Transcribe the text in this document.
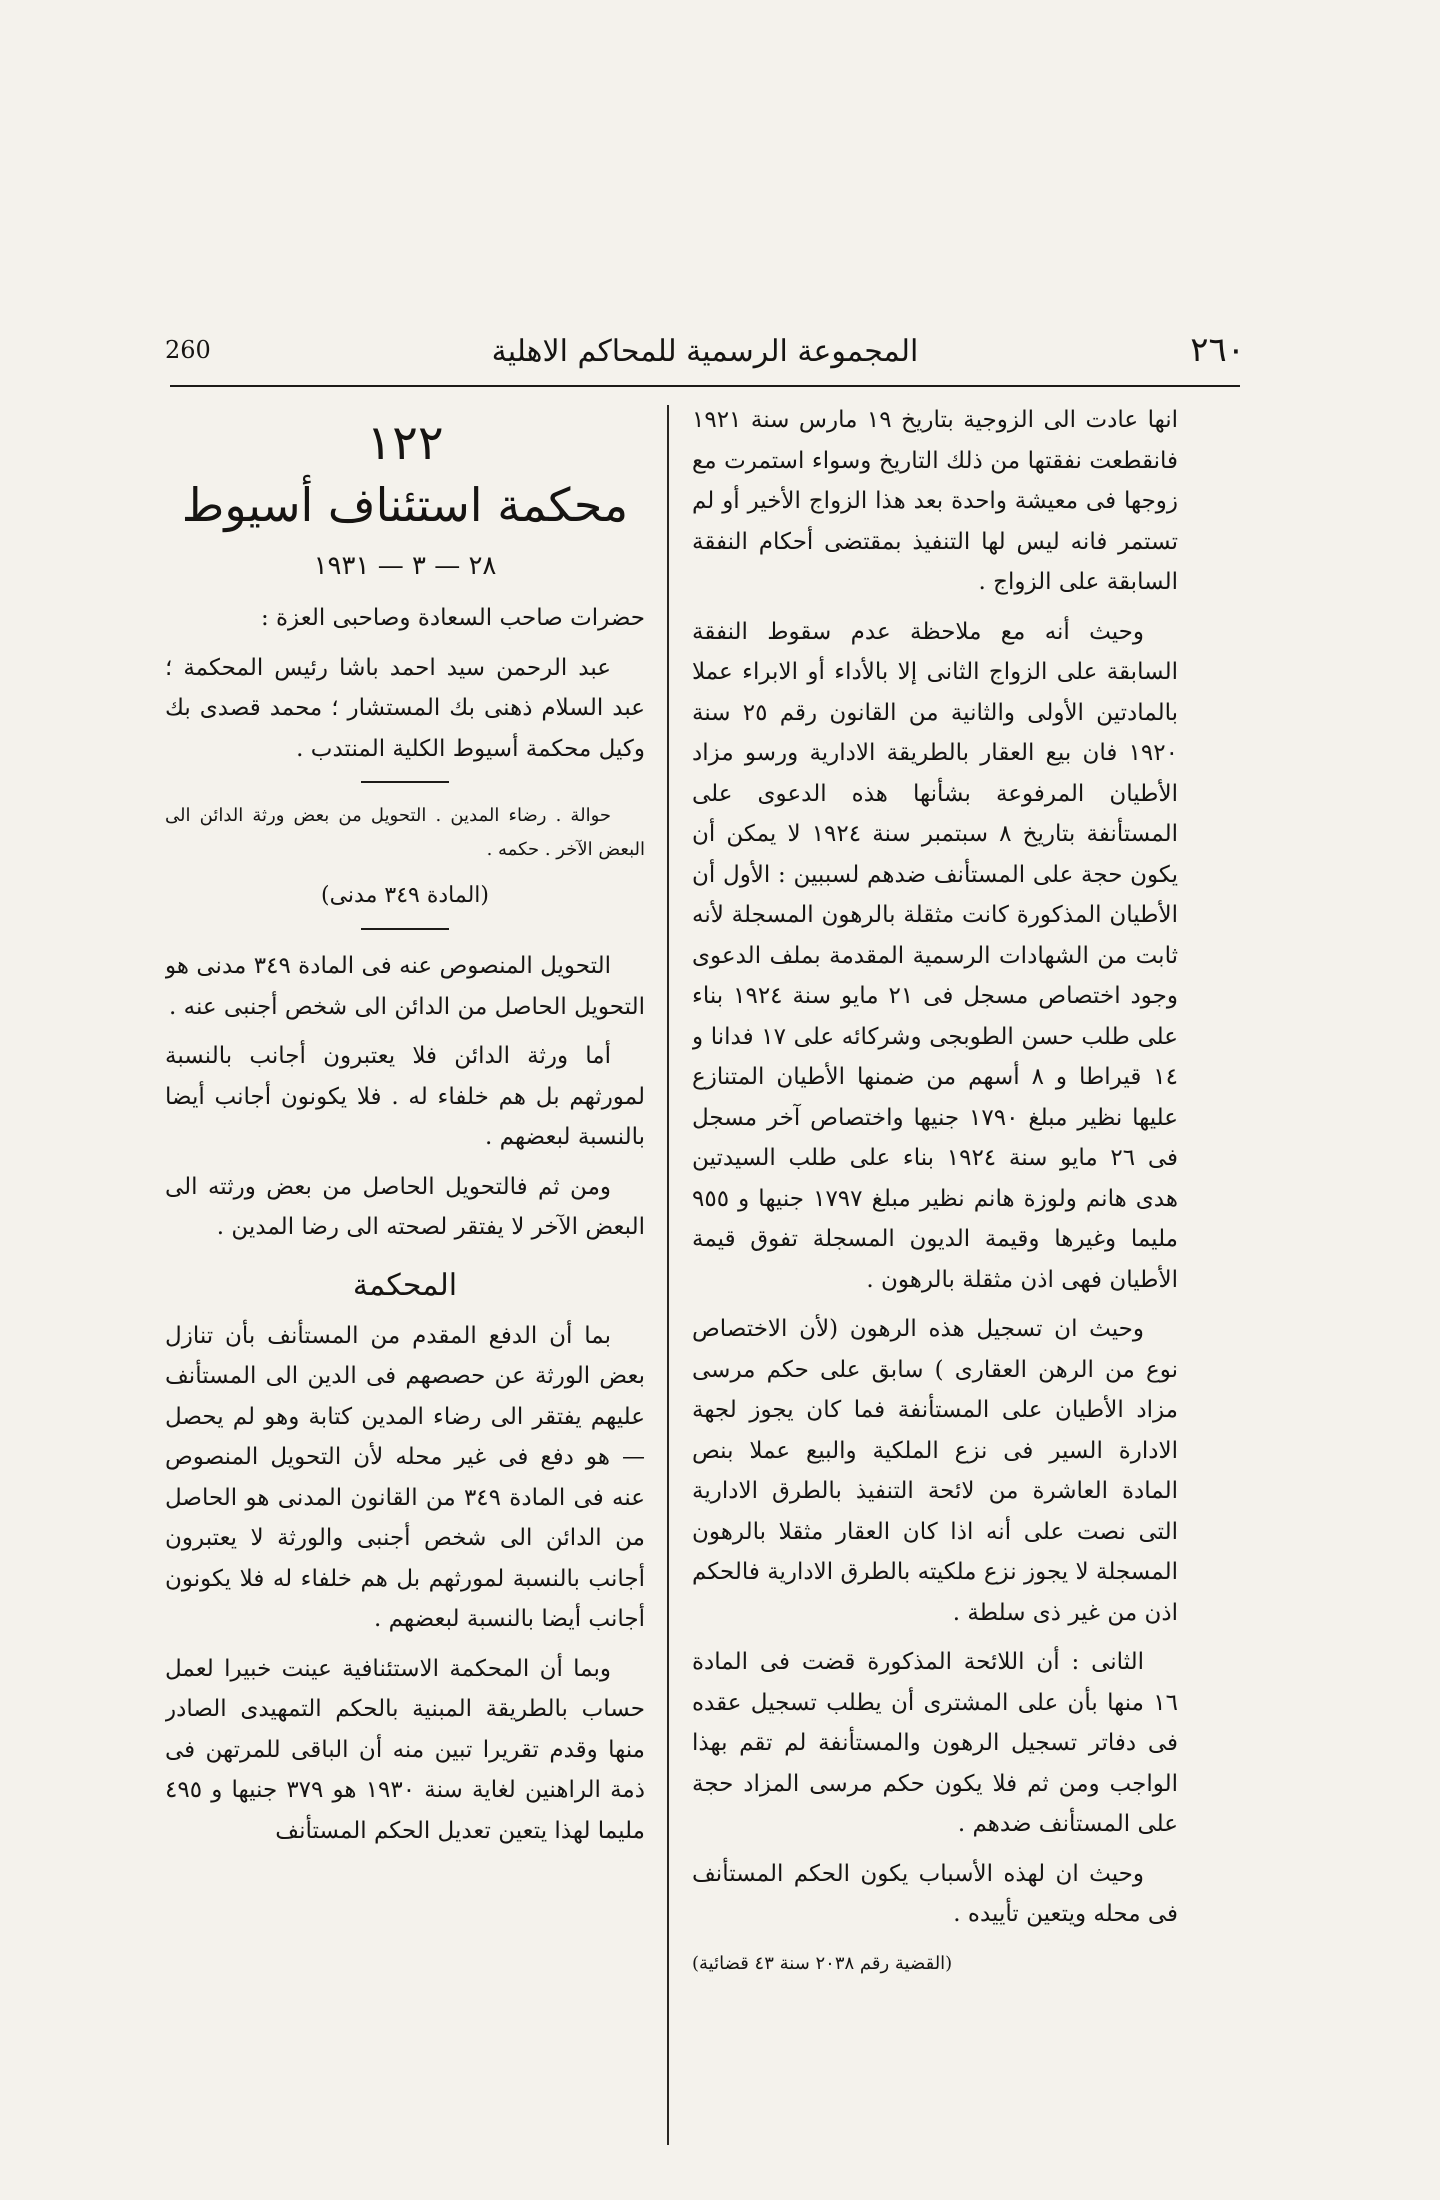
٢٦٠
المجموعة الرسمية للمحاكم الاهلية
260

انها عادت الى الزوجية بتاريخ ١٩ مارس سنة ١٩٢١ فانقطعت نفقتها من ذلك التاريخ وسواء استمرت مع زوجها فى معيشة واحدة بعد هذا الزواج الأخير أو لم تستمر فانه ليس لها التنفيذ بمقتضى أحكام النفقة السابقة على الزواج .

وحيث أنه مع ملاحظة عدم سقوط النفقة السابقة على الزواج الثانى إلا بالأداء أو الابراء عملا بالمادتين الأولى والثانية من القانون رقم ٢٥ سنة ١٩٢٠ فان بيع العقار بالطريقة الادارية ورسو مزاد الأطيان المرفوعة بشأنها هذه الدعوى على المستأنفة بتاريخ ٨ سبتمبر سنة ١٩٢٤ لا يمكن أن يكون حجة على المستأنف ضدهم لسببين : الأول أن الأطيان المذكورة كانت مثقلة بالرهون المسجلة لأنه ثابت من الشهادات الرسمية المقدمة بملف الدعوى وجود اختصاص مسجل فى ٢١ مايو سنة ١٩٢٤ بناء على طلب حسن الطوبجى وشركائه على ١٧ فدانا و ١٤ قيراطا و ٨ أسهم من ضمنها الأطيان المتنازع عليها نظير مبلغ ١٧٩٠ جنيها واختصاص آخر مسجل فى ٢٦ مايو سنة ١٩٢٤ بناء على طلب السيدتين هدى هانم ولوزة هانم نظير مبلغ ١٧٩٧ جنيها و ٩٥٥ مليما وغيرها وقيمة الديون المسجلة تفوق قيمة الأطيان فهى اذن مثقلة بالرهون .

وحيث ان تسجيل هذه الرهون (لأن الاختصاص نوع من الرهن العقارى ) سابق على حكم مرسى مزاد الأطيان على المستأنفة فما كان يجوز لجهة الادارة السير فى نزع الملكية والبيع عملا بنص المادة العاشرة من لائحة التنفيذ بالطرق الادارية التى نصت على أنه اذا كان العقار مثقلا بالرهون المسجلة لا يجوز نزع ملكيته بالطرق الادارية فالحكم اذن من غير ذى سلطة .

الثانى : أن اللائحة المذكورة قضت فى المادة ١٦ منها بأن على المشترى أن يطلب تسجيل عقده فى دفاتر تسجيل الرهون والمستأنفة لم تقم بهذا الواجب ومن ثم فلا يكون حكم مرسى المزاد حجة على المستأنف ضدهم .

وحيث ان لهذه الأسباب يكون الحكم المستأنف فى محله ويتعين تأييده .

(القضية رقم ٢٠٣٨ سنة ٤٣ قضائية)
١٢٢
محكمة استئناف أسيوط
٢٨ — ٣ — ١٩٣١

حضرات صاحب السعادة وصاحبى العزة :

عبد الرحمن سيد احمد باشا رئيس المحكمة ؛ عبد السلام ذهنى بك المستشار ؛ محمد قصدى بك وكيل محكمة أسيوط الكلية المنتدب .

حوالة . رضاء المدين . التحويل من بعض ورثة الدائن الى البعض الآخر . حكمه .

(المادة ٣٤٩ مدنى)

التحويل المنصوص عنه فى المادة ٣٤٩ مدنى هو التحويل الحاصل من الدائن الى شخص أجنبى عنه .

أما ورثة الدائن فلا يعتبرون أجانب بالنسبة لمورثهم بل هم خلفاء له . فلا يكونون أجانب أيضا بالنسبة لبعضهم .

ومن ثم فالتحويل الحاصل من بعض ورثته الى البعض الآخر لا يفتقر لصحته الى رضا المدين .

المحكمة

بما أن الدفع المقدم من المستأنف بأن تنازل بعض الورثة عن حصصهم فى الدين الى المستأنف عليهم يفتقر الى رضاء المدين كتابة وهو لم يحصل — هو دفع فى غير محله لأن التحويل المنصوص عنه فى المادة ٣٤٩ من القانون المدنى هو الحاصل من الدائن الى شخص أجنبى والورثة لا يعتبرون أجانب بالنسبة لمورثهم بل هم خلفاء له فلا يكونون أجانب أيضا بالنسبة لبعضهم .

وبما أن المحكمة الاستئنافية عينت خبيرا لعمل حساب بالطريقة المبنية بالحكم التمهيدى الصادر منها وقدم تقريرا تبين منه أن الباقى للمرتهن فى ذمة الراهنين لغاية سنة ١٩٣٠ هو ٣٧٩ جنيها و ٤٩٥ مليما لهذا يتعين تعديل الحكم المستأنف
